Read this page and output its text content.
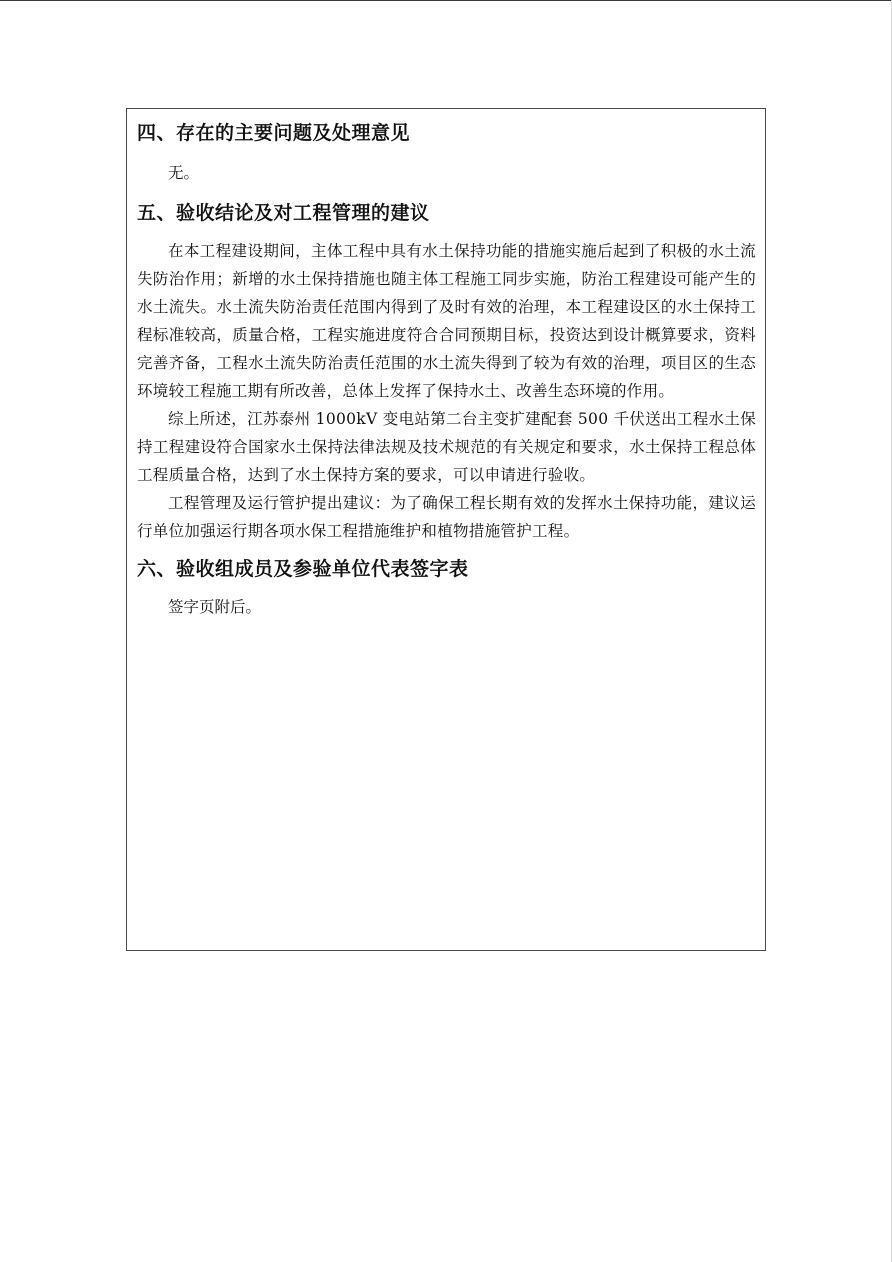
四、存在的主要问题及处理意见

无。

五、验收结论及对工程管理的建议

在本工程建设期间，主体工程中具有水土保持功能的措施实施后起到了积极的水土流失防治作用；新增的水土保持措施也随主体工程施工同步实施，防治工程建设可能产生的水土流失。水土流失防治责任范围内得到了及时有效的治理，本工程建设区的水土保持工程标准较高，质量合格，工程实施进度符合合同预期目标，投资达到设计概算要求，资料完善齐备，工程水土流失防治责任范围的水土流失得到了较为有效的治理，项目区的生态环境较工程施工期有所改善，总体上发挥了保持水土、改善生态环境的作用。

综上所述，江苏泰州 1000kV 变电站第二台主变扩建配套 500 千伏送出工程水土保持工程建设符合国家水土保持法律法规及技术规范的有关规定和要求，水土保持工程总体工程质量合格，达到了水土保持方案的要求，可以申请进行验收。

工程管理及运行管护提出建议：为了确保工程长期有效的发挥水土保持功能，建议运行单位加强运行期各项水保工程措施维护和植物措施管护工程。

六、验收组成员及参验单位代表签字表

签字页附后。
